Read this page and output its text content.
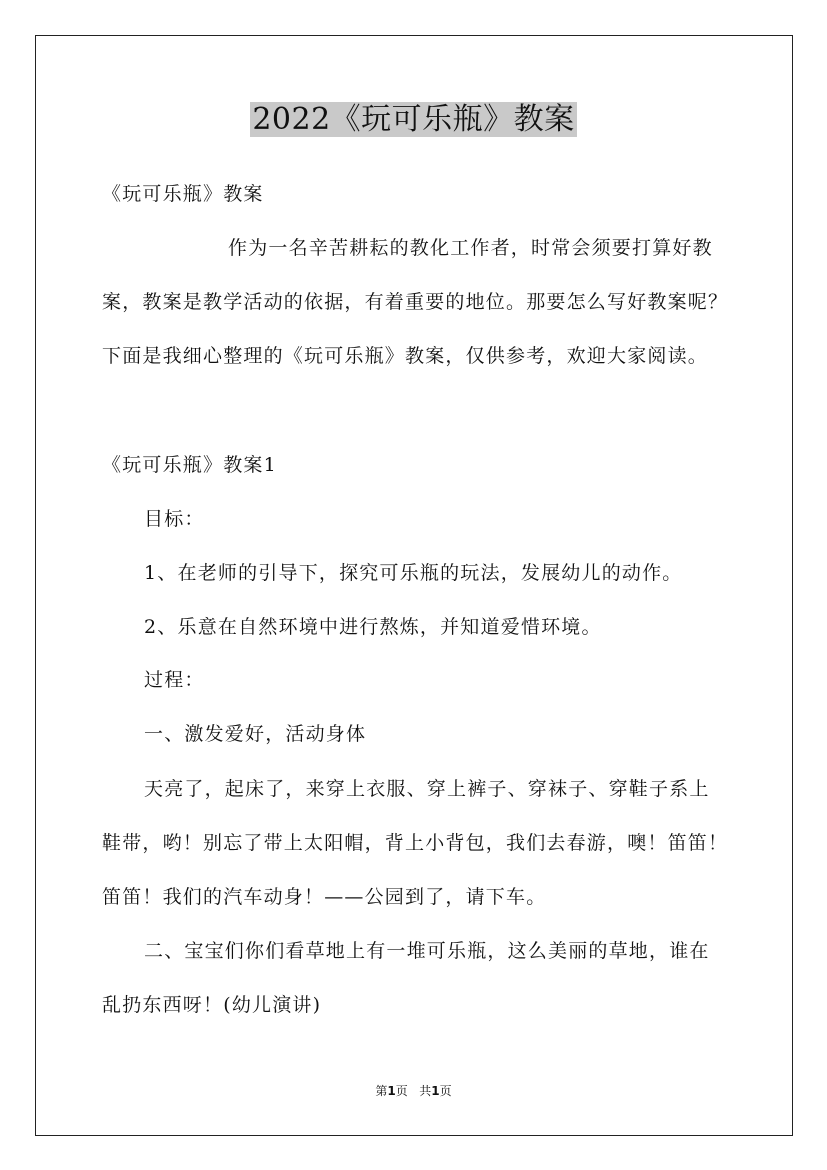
2022《玩可乐瓶》教案
《玩可乐瓶》教案
作为一名辛苦耕耘的教化工作者，时常会须要打算好教
案，教案是教学活动的依据，有着重要的地位。那要怎么写好教案呢？
下面是我细心整理的《玩可乐瓶》教案，仅供参考，欢迎大家阅读。
《玩可乐瓶》教案1
目标：
1、在老师的引导下，探究可乐瓶的玩法，发展幼儿的动作。
2、乐意在自然环境中进行熬炼，并知道爱惜环境。
过程：
一、激发爱好，活动身体
天亮了，起床了，来穿上衣服、穿上裤子、穿袜子、穿鞋子系上
鞋带，哟！别忘了带上太阳帽，背上小背包，我们去春游，噢！笛笛！
笛笛！我们的汽车动身！——公园到了，请下车。
二、宝宝们你们看草地上有一堆可乐瓶，这么美丽的草地，谁在
乱扔东西呀！(幼儿演讲)
第1页 共1页
